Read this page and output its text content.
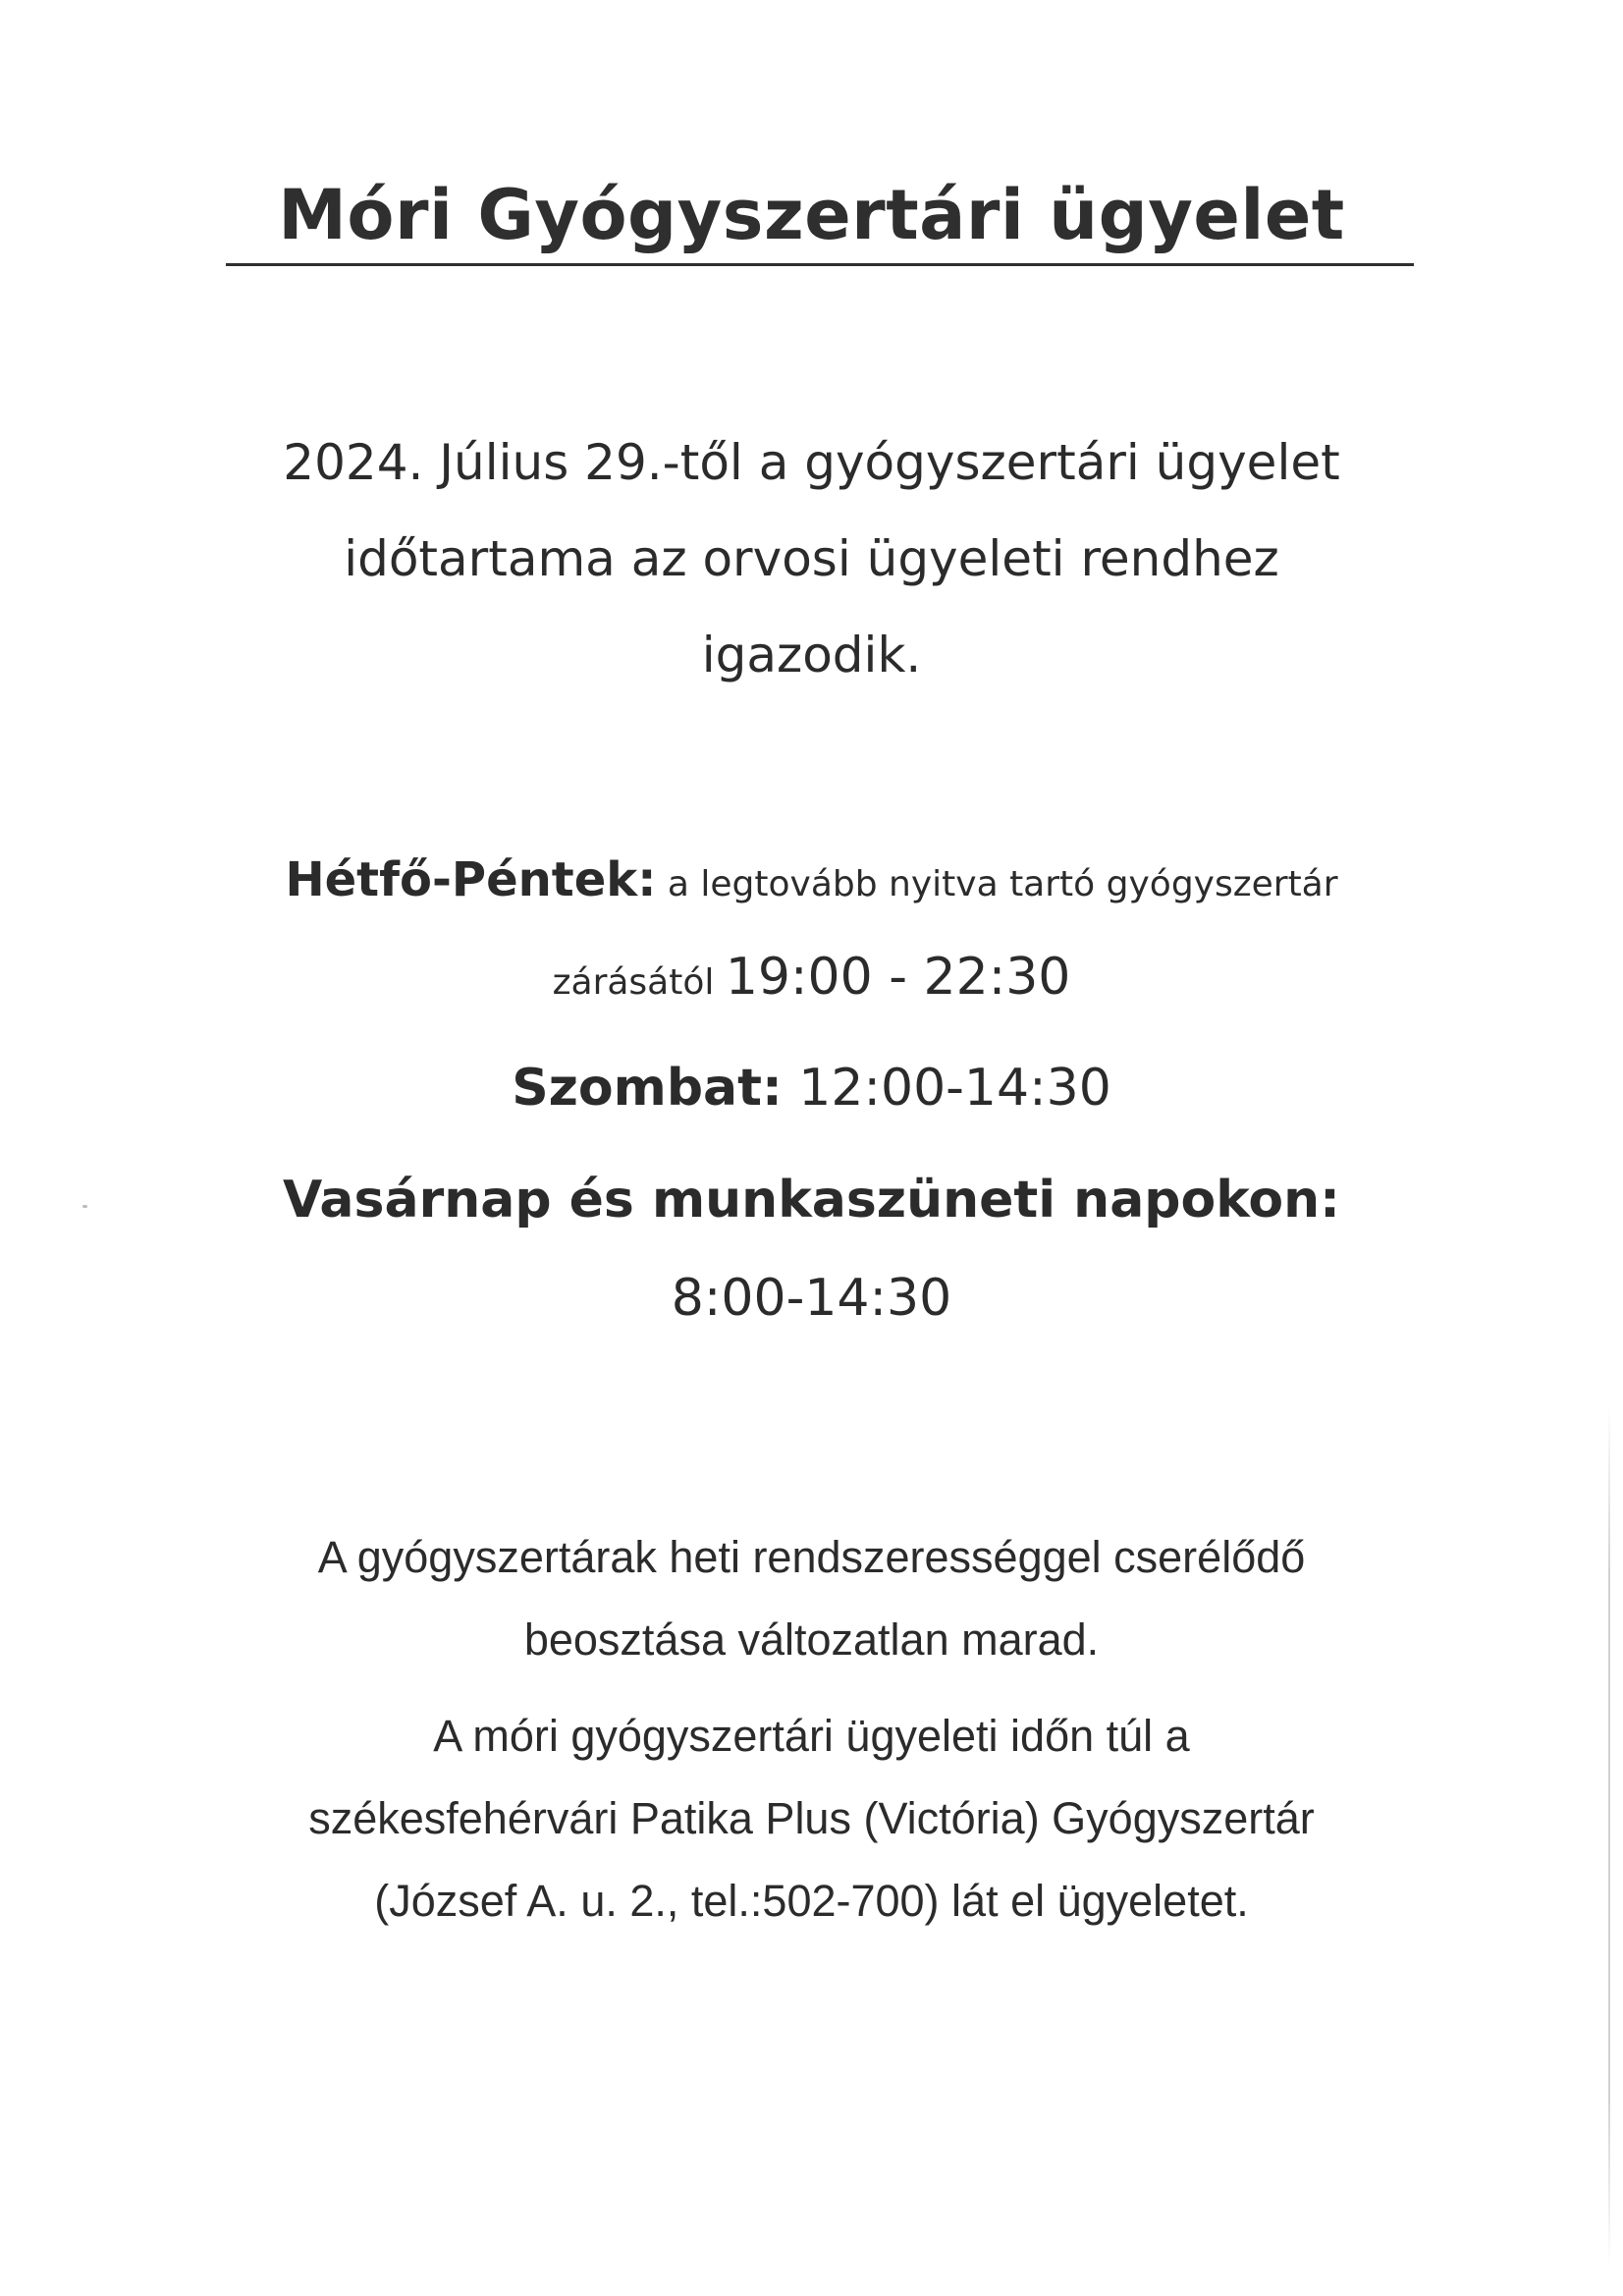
Móri Gyógyszertári ügyelet
2024. Július 29.-től a gyógyszertári ügyelet
időtartama az orvosi ügyeleti rendhez
igazodik.
Hétfő-Péntek: a legtovább nyitva tartó gyógyszertár
zárásától 19:00 - 22:30
Szombat: 12:00-14:30
Vasárnap és munkaszüneti napokon:
8:00-14:30
A gyógyszertárak heti rendszerességgel cserélődő
beosztása változatlan marad.
A móri gyógyszertári ügyeleti időn túl a
székesfehérvári Patika Plus (Victória) Gyógyszertár
(József A. u. 2., tel.:502-700) lát el ügyeletet.
